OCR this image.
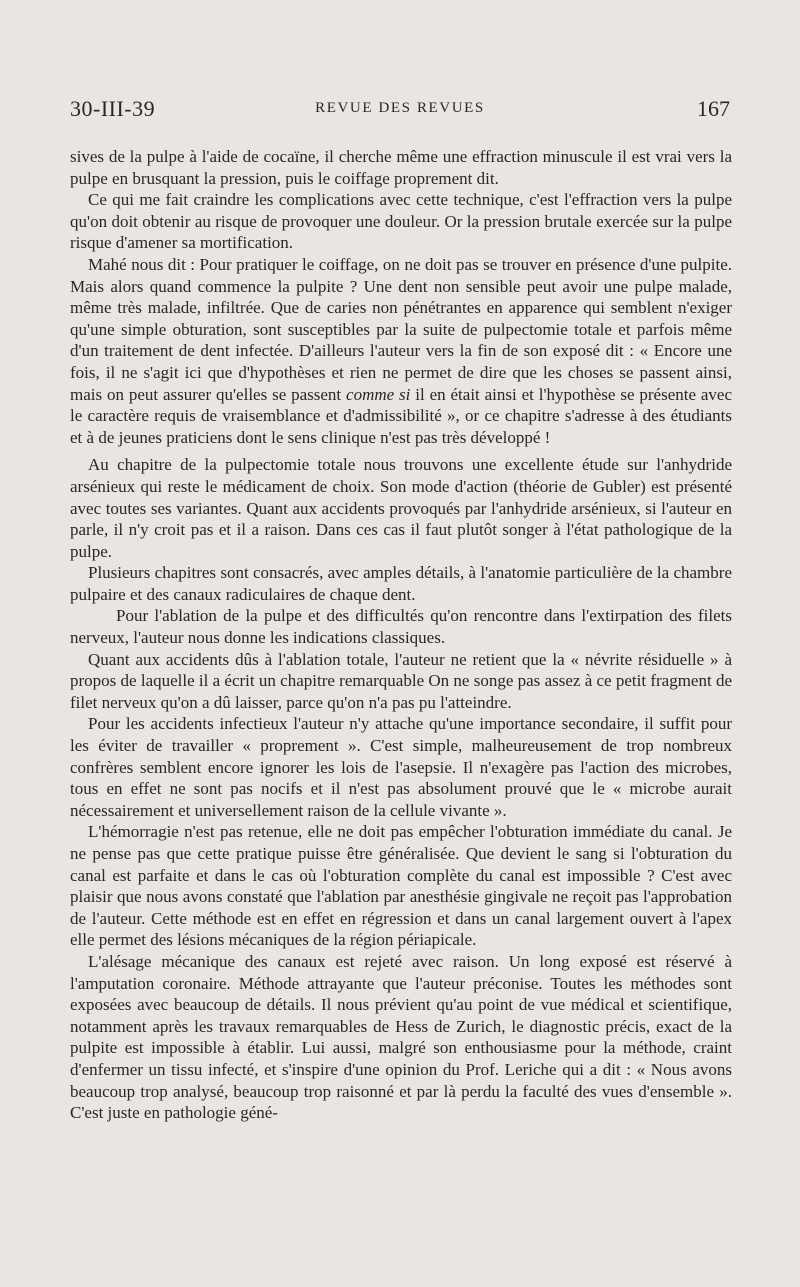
30-III-39	REVUE DES REVUES	167

sives de la pulpe à l'aide de cocaïne, il cherche même une effraction minuscule il est vrai vers la pulpe en brusquant la pression, puis le coiffage proprement dit.

Ce qui me fait craindre les complications avec cette technique, c'est l'effraction vers la pulpe qu'on doit obtenir au risque de provoquer une douleur. Or la pression brutale exercée sur la pulpe risque d'amener sa mortification.

Mahé nous dit : Pour pratiquer le coiffage, on ne doit pas se trouver en présence d'une pulpite. Mais alors quand commence la pulpite ? Une dent non sensible peut avoir une pulpe malade, même très malade, infiltrée. Que de caries non pénétrantes en apparence qui semblent n'exiger qu'une simple obturation, sont susceptibles par la suite de pulpectomie totale et parfois même d'un traitement de dent infectée. D'ailleurs l'auteur vers la fin de son exposé dit : « Encore une fois, il ne s'agit ici que d'hypothèses et rien ne permet de dire que les choses se passent ainsi, mais on peut assurer qu'elles se passent comme si il en était ainsi et l'hypothèse se présente avec le caractère requis de vraisemblance et d'admissibilité », or ce chapitre s'adresse à des étudiants et à de jeunes praticiens dont le sens clinique n'est pas très développé !

Au chapitre de la pulpectomie totale nous trouvons une excellente étude sur l'anhydride arsénieux qui reste le médicament de choix. Son mode d'action (théorie de Gubler) est présenté avec toutes ses variantes. Quant aux accidents provoqués par l'anhydride arsénieux, si l'auteur en parle, il n'y croit pas et il a raison. Dans ces cas il faut plutôt songer à l'état pathologique de la pulpe.

Plusieurs chapitres sont consacrés, avec amples détails, à l'anatomie particulière de la chambre pulpaire et des canaux radiculaires de chaque dent.

Pour l'ablation de la pulpe et des difficultés qu'on rencontre dans l'extirpation des filets nerveux, l'auteur nous donne les indications classiques.

Quant aux accidents dûs à l'ablation totale, l'auteur ne retient que la « névrite résiduelle » à propos de laquelle il a écrit un chapitre remarquable On ne songe pas assez à ce petit fragment de filet nerveux qu'on a dû laisser, parce qu'on n'a pas pu l'atteindre.

Pour les accidents infectieux l'auteur n'y attache qu'une importance secondaire, il suffit pour les éviter de travailler « proprement ». C'est simple, malheureusement de trop nombreux confrères semblent encore ignorer les lois de l'asepsie. Il n'exagère pas l'action des microbes, tous en effet ne sont pas nocifs et il n'est pas absolument prouvé que le « microbe aurait nécessairement et universellement raison de la cellule vivante ».

L'hémorragie n'est pas retenue, elle ne doit pas empêcher l'obturation immédiate du canal. Je ne pense pas que cette pratique puisse être généralisée. Que devient le sang si l'obturation du canal est parfaite et dans le cas où l'obturation complète du canal est impossible ? C'est avec plaisir que nous avons constaté que l'ablation par anesthésie gingivale ne reçoit pas l'approbation de l'auteur. Cette méthode est en effet en régression et dans un canal largement ouvert à l'apex elle permet des lésions mécaniques de la région périapicale.

L'alésage mécanique des canaux est rejeté avec raison. Un long exposé est réservé à l'amputation coronaire. Méthode attrayante que l'auteur préconise. Toutes les méthodes sont exposées avec beaucoup de détails. Il nous prévient qu'au point de vue médical et scientifique, notamment après les travaux remarquables de Hess de Zurich, le diagnostic précis, exact de la pulpite est impossible à établir. Lui aussi, malgré son enthousiasme pour la méthode, craint d'enfermer un tissu infecté, et s'inspire d'une opinion du Prof. Leriche qui a dit : « Nous avons beaucoup trop analysé, beaucoup trop raisonné et par là perdu la faculté des vues d'ensemble ». C'est juste en pathologie géné-
